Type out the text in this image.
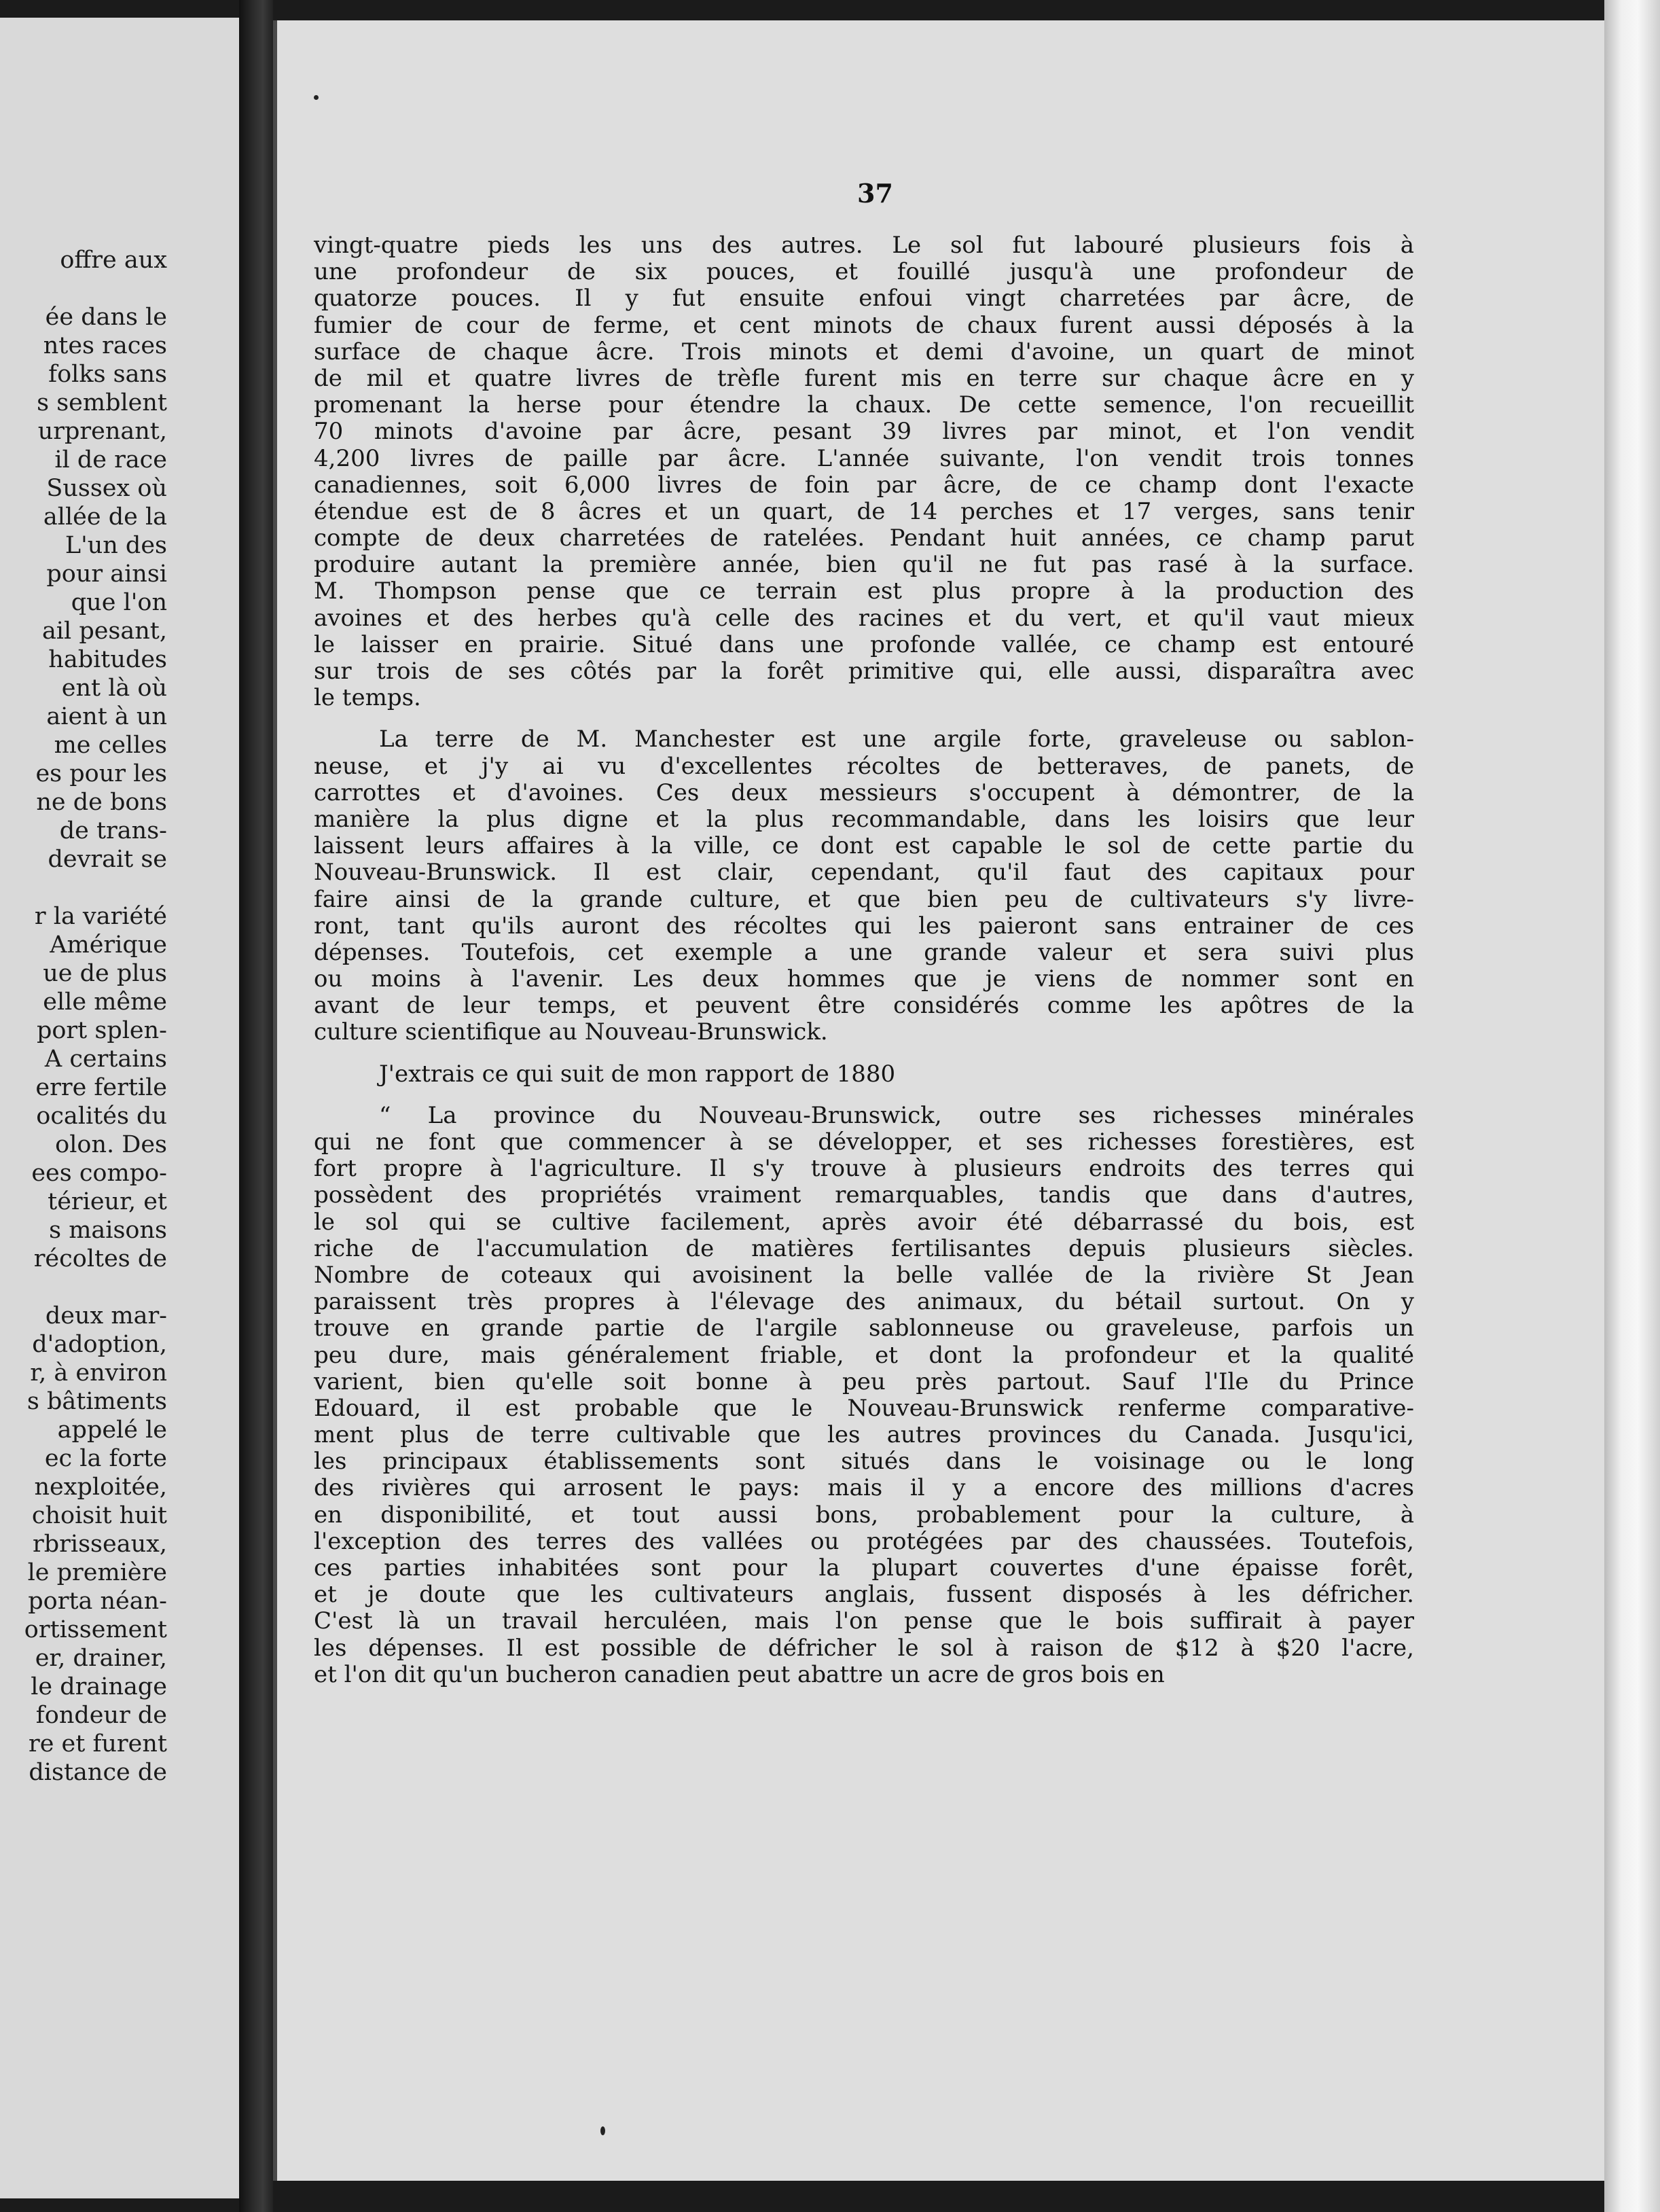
offre aux
ée dans le
ntes races
folks sans
s semblent
urprenant,
il de race
Sussex où
allée de la
L'un des
pour ainsi
que l'on
ail pesant,
habitudes
ent là où
aient à un
me celles
es pour les
ne de bons
de trans-
devrait se
r la variété
Amérique
ue de plus
elle même
port splen-
A certains
erre fertile
ocalités du
olon. Des
ees compo-
térieur, et
s maisons
récoltes de
deux mar-
d'adoption,
r, à environ
s bâtiments
appelé le
ec la forte
nexploitée,
choisit huit
rbrisseaux,
le première
porta néan-
ortissement
er, drainer,
le drainage
fondeur de
re et furent
distance de
37
vingt-quatre pieds les uns des autres. Le sol fut labouré plusieurs fois à
une profondeur de six pouces, et fouillé jusqu'à une profondeur de
quatorze pouces. Il y fut ensuite enfoui vingt charretées par âcre, de
fumier de cour de ferme, et cent minots de chaux furent aussi déposés à la
surface de chaque âcre. Trois minots et demi d'avoine, un quart de minot
de mil et quatre livres de trèfle furent mis en terre sur chaque âcre en y
promenant la herse pour étendre la chaux. De cette semence, l'on recueillit
70 minots d'avoine par âcre, pesant 39 livres par minot, et l'on vendit
4,200 livres de paille par âcre. L'année suivante, l'on vendit trois tonnes
canadiennes, soit 6,000 livres de foin par âcre, de ce champ dont l'exacte
étendue est de 8 âcres et un quart, de 14 perches et 17 verges, sans tenir
compte de deux charretées de ratelées. Pendant huit années, ce champ parut
produire autant la première année, bien qu'il ne fut pas rasé à la surface.
M. Thompson pense que ce terrain est plus propre à la production des
avoines et des herbes qu'à celle des racines et du vert, et qu'il vaut mieux
le laisser en prairie. Situé dans une profonde vallée, ce champ est entouré
sur trois de ses côtés par la forêt primitive qui, elle aussi, disparaîtra avec
le temps.
La terre de M. Manchester est une argile forte, graveleuse ou sablon-
neuse, et j'y ai vu d'excellentes récoltes de betteraves, de panets, de
carrottes et d'avoines. Ces deux messieurs s'occupent à démontrer, de la
manière la plus digne et la plus recommandable, dans les loisirs que leur
laissent leurs affaires à la ville, ce dont est capable le sol de cette partie du
Nouveau-Brunswick. Il est clair, cependant, qu'il faut des capitaux pour
faire ainsi de la grande culture, et que bien peu de cultivateurs s'y livre-
ront, tant qu'ils auront des récoltes qui les paieront sans entrainer de ces
dépenses. Toutefois, cet exemple a une grande valeur et sera suivi plus
ou moins à l'avenir. Les deux hommes que je viens de nommer sont en
avant de leur temps, et peuvent être considérés comme les apôtres de la
culture scientifique au Nouveau-Brunswick.
J'extrais ce qui suit de mon rapport de 1880
“ La province du Nouveau-Brunswick, outre ses richesses minérales
qui ne font que commencer à se développer, et ses richesses forestières, est
fort propre à l'agriculture. Il s'y trouve à plusieurs endroits des terres qui
possèdent des propriétés vraiment remarquables, tandis que dans d'autres,
le sol qui se cultive facilement, après avoir été débarrassé du bois, est
riche de l'accumulation de matières fertilisantes depuis plusieurs siècles.
Nombre de coteaux qui avoisinent la belle vallée de la rivière St Jean
paraissent très propres à l'élevage des animaux, du bétail surtout. On y
trouve en grande partie de l'argile sablonneuse ou graveleuse, parfois un
peu dure, mais généralement friable, et dont la profondeur et la qualité
varient, bien qu'elle soit bonne à peu près partout. Sauf l'Ile du Prince
Edouard, il est probable que le Nouveau-Brunswick renferme comparative-
ment plus de terre cultivable que les autres provinces du Canada. Jusqu'ici,
les principaux établissements sont situés dans le voisinage ou le long
des rivières qui arrosent le pays: mais il y a encore des millions d'acres
en disponibilité, et tout aussi bons, probablement pour la culture, à
l'exception des terres des vallées ou protégées par des chaussées. Toutefois,
ces parties inhabitées sont pour la plupart couvertes d'une épaisse forêt,
et je doute que les cultivateurs anglais, fussent disposés à les défricher.
C'est là un travail herculéen, mais l'on pense que le bois suffirait à payer
les dépenses. Il est possible de défricher le sol à raison de $12 à $20 l'acre,
et l'on dit qu'un bucheron canadien peut abattre un acre de gros bois en
